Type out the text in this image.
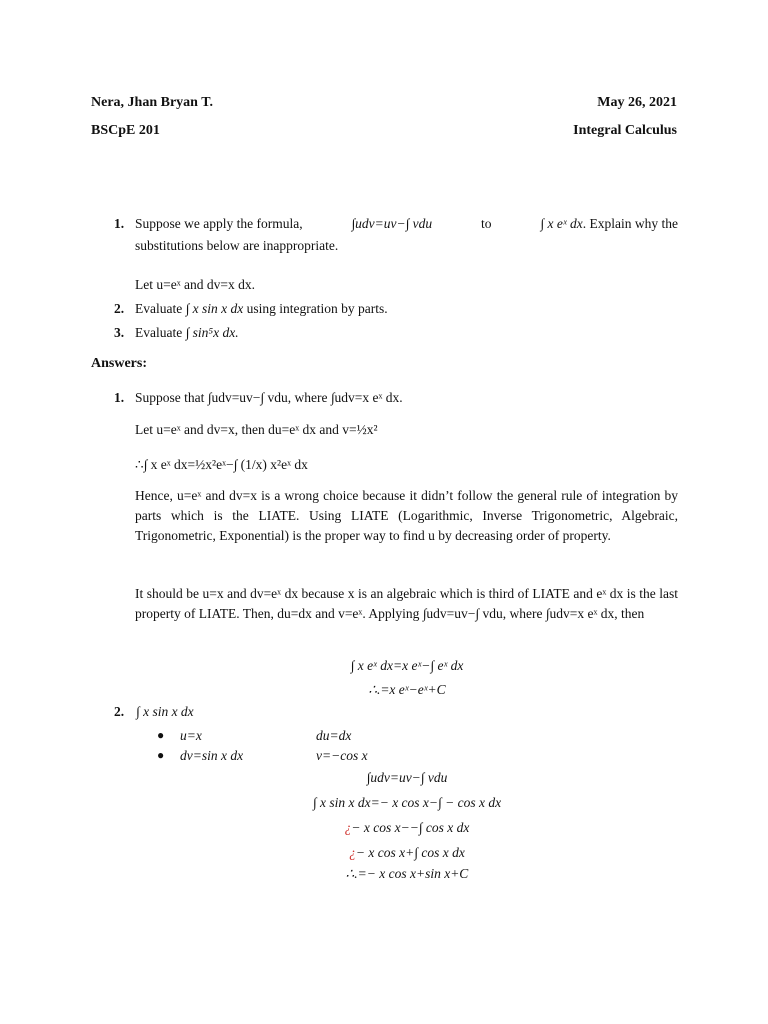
Nera, Jhan Bryan T.	May 26, 2021
BSCpE 201	Integral Calculus
1. Suppose we apply the formula,	∫udv=uv−∫ vdu	to	∫ x eˣ dx. Explain why the
substitutions below are inappropriate.
Let u=eˣ and dv=x dx.
2. Evaluate ∫ x sin x dx using integration by parts.
3. Evaluate ∫ sin⁵x dx.
Answers:
1. Suppose that ∫udv=uv−∫ vdu, where ∫udv=x eˣ dx.
Let u=eˣ and dv=x, then du=eˣ dx and v=½x²
∴∫ x eˣ dx=½x²eˣ−∫ (1/x) x²eˣ dx
Hence, u=eˣ and dv=x is a wrong choice because it didn’t follow the general rule of integration by parts which is the LIATE. Using LIATE (Logarithmic, Inverse Trigonometric, Algebraic, Trigonometric, Exponential) is the proper way to find u by decreasing order of property.
It should be u=x and dv=eˣ dx because x is an algebraic which is third of LIATE and eˣ dx is the last property of LIATE. Then, du=dx and v=eˣ. Applying ∫udv=uv−∫ vdu, where ∫udv=x eˣ dx, then
∫ x eˣ dx=x eˣ−∫ eˣ dx
∴.=x eˣ−eˣ+C
2. ∫ x sin x dx
● u=x	du=dx
● dv=sin x dx	v=−cos x
∫udv=uv−∫ vdu
∫ x sin x dx=− x cos x−∫ − cos x dx
¿− x cos x−−∫ cos x dx
¿− x cos x+∫ cos x dx
∴.=− x cos x+sin x+C
